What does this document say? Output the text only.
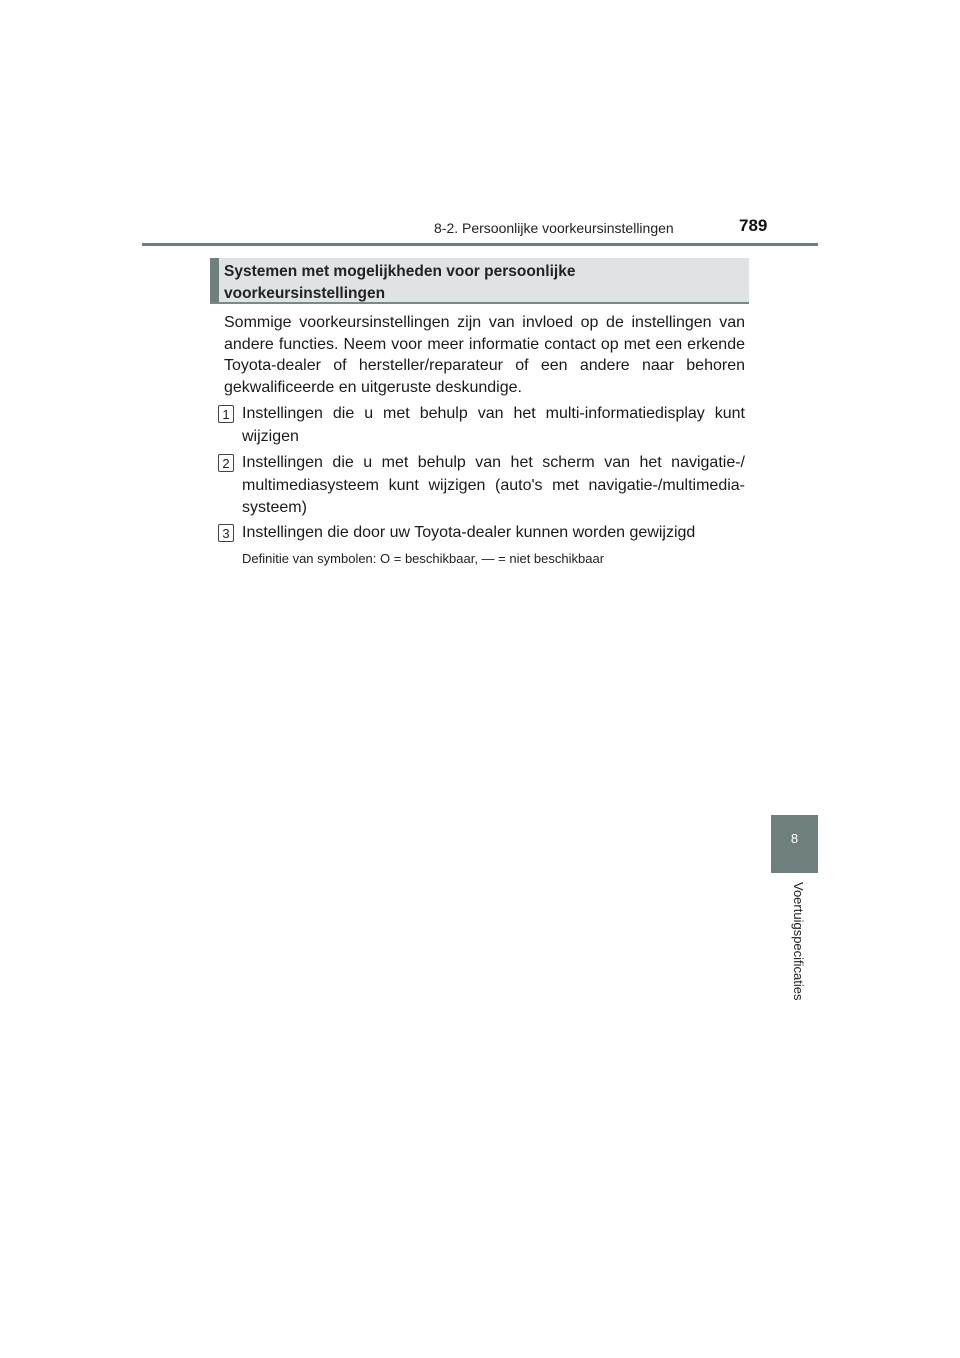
8-2. Persoonlijke voorkeursinstellingen	789
Systemen met mogelijkheden voor persoonlijke voorkeursinstellingen
Sommige voorkeursinstellingen zijn van invloed op de instellingen van andere functies. Neem voor meer informatie contact op met een erkende Toyota-dealer of hersteller/reparateur of een andere naar behoren gekwalificeerde en uitgeruste deskundige.
1 Instellingen die u met behulp van het multi-informatiedisplay kunt wijzigen
2 Instellingen die u met behulp van het scherm van het navigatie-/ multimediasysteem kunt wijzigen (auto's met navigatie-/multimedia-systeem)
3 Instellingen die door uw Toyota-dealer kunnen worden gewijzigd
Definitie van symbolen: O = beschikbaar, — = niet beschikbaar
8
Voertuigspecificaties
